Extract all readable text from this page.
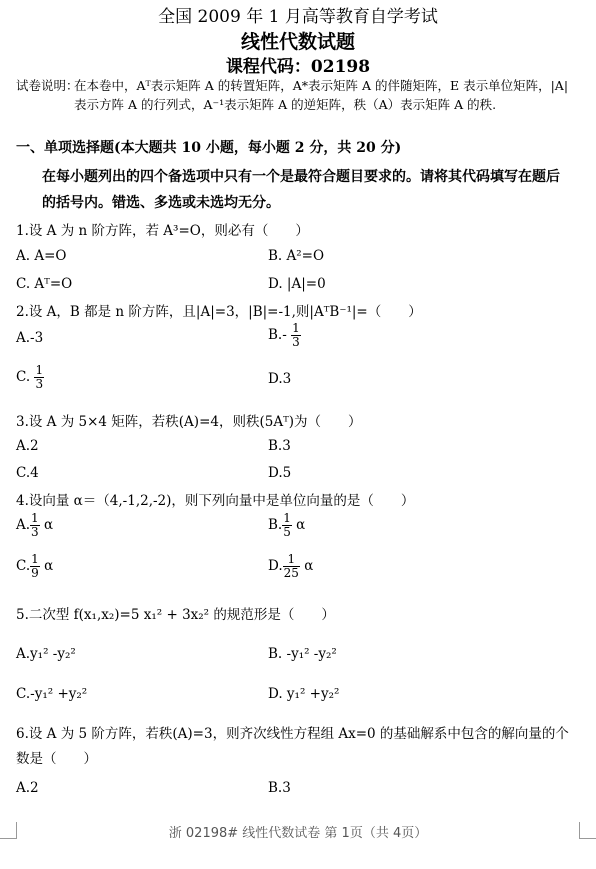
全国 2009 年 1 月高等教育自学考试
线性代数试题
课程代码：02198
试卷说明：
在本卷中，Aᵀ表示矩阵 A 的转置矩阵，A*表示矩阵 A 的伴随矩阵，E 表示单位矩阵，|A|表示方阵 A 的行列式，A⁻¹表示矩阵 A 的逆矩阵，秩（A）表示矩阵 A 的秩.
一、单项选择题(本大题共 10 小题，每小题 2 分，共 20 分)
在每小题列出的四个备选项中只有一个是最符合题目要求的。请将其代码填写在题后的括号内。错选、多选或未选均无分。
1.设 A 为 n 阶方阵，若 A³=O，则必有（　　）
A. A=O	B. A²=O
C. Aᵀ=O	D. |A|=0
2.设 A，B 都是 n 阶方阵，且|A|=3，|B|=-1,则|AᵀB⁻¹|=（　　）
A.-3	$B.- \frac{1}{3}$
C. $\frac{1}{3}$	D.3
3.设 A 为 5×4 矩阵，若秩(A)=4，则秩(5Aᵀ)为（　　）
A.2	B.3
C.4	D.5
4.设向量 α＝（4,-1,2,-2)，则下列向量中是单位向量的是（　　）
A. $\frac{1}{3}$ α	B. $\frac{1}{5}$ α
C. $\frac{1}{9}$ α	D. $\frac{1}{25}$ α
5.二次型 f(x₁,x₂)=5 x₁² + 3x₂² 的规范形是（　　）
A.y₁² -y₂²	B. -y₁² -y₂²
C.-y₁² +y₂²	D. y₁² +y₂²
6.设 A 为 5 阶方阵，若秩(A)=3，则齐次线性方程组 Ax=0 的基础解系中包含的解向量的个数是（　　）
A.2	B.3
浙 02198# 线性代数试卷 第 1页（共 4页）
